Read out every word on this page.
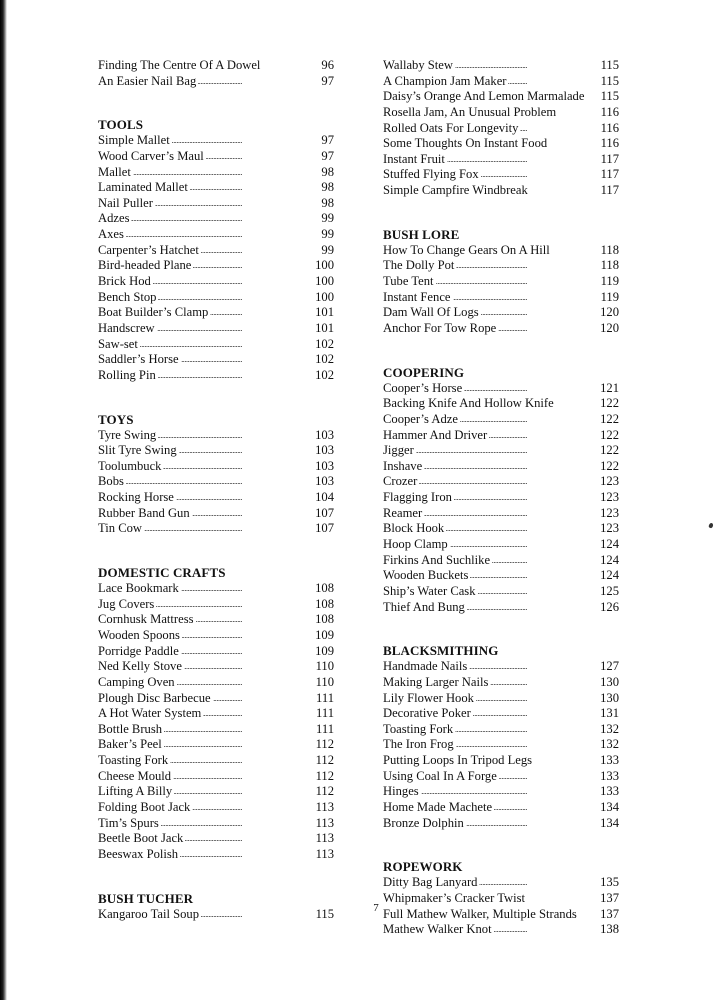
. . . Finding The Centre Of A Dowel	96
. . . An Easier Nail Bag	97
TOOLS
. . . Simple Mallet	97
. . . Wood Carver’s Maul	97
. . . Mallet	98
. . . Laminated Mallet	98
. . . Nail Puller	98
. . . Adzes	99
. . . Axes	99
. . . Carpenter’s Hatchet	99
. . . Bird-headed Plane	100
. . . Brick Hod	100
. . . Bench Stop	100
. . . Boat Builder’s Clamp	101
. . . Handscrew	101
. . . Saw-set	102
. . . Saddler’s Horse	102
. . . Rolling Pin	102
TOYS
. . . Tyre Swing	103
. . . Slit Tyre Swing	103
. . . Toolumbuck	103
. . . Bobs	103
. . . Rocking Horse	104
. . . Rubber Band Gun	107
. . . Tin Cow	107
DOMESTIC CRAFTS
. . . Lace Bookmark	108
. . . Jug Covers	108
. . . Cornhusk Mattress	108
. . . Wooden Spoons	109
. . . Porridge Paddle	109
. . . Ned Kelly Stove	110
. . . Camping Oven	110
. . . Plough Disc Barbecue	111
. . . A Hot Water System	111
. . . Bottle Brush	111
. . . Baker’s Peel	112
. . . Toasting Fork	112
. . . Cheese Mould	112
. . . Lifting A Billy	112
. . . Folding Boot Jack	113
. . . Tim’s Spurs	113
. . . Beetle Boot Jack	113
. . . Beeswax Polish	113
BUSH TUCHER
. . . Kangaroo Tail Soup	115
. . . Wallaby Stew	115
. . . A Champion Jam Maker	115
. . . Daisy’s Orange And Lemon Marmalade 115
. . . Rosella Jam, An Unusual Problem	116
. . . Rolled Oats For Longevity	116
. . . Some Thoughts On Instant Food	116
. . . Instant Fruit	117
. . . Stuffed Flying Fox	117
. . . Simple Campfire Windbreak	117
BUSH LORE
. . . How To Change Gears On A Hill	118
. . . The Dolly Pot	118
. . . Tube Tent	119
. . . Instant Fence	119
. . . Dam Wall Of Logs	120
. . . Anchor For Tow Rope	120
COOPERING
. . . Cooper’s Horse	121
. . . Backing Knife And Hollow Knife	122
. . . Cooper’s Adze	122
. . . Hammer And Driver	122
. . . Jigger	122
. . . Inshave	122
. . . Crozer	123
. . . Flagging Iron	123
. . . Reamer	123
. . . Block Hook	123
. . . Hoop Clamp	124
. . . Firkins And Suchlike	124
. . . Wooden Buckets	124
. . . Ship’s Water Cask	125
. . . Thief And Bung	126
BLACKSMITHING
. . . Handmade Nails	127
. . . Making Larger Nails	130
. . . Lily Flower Hook	130
. . . Decorative Poker	131
. . . Toasting Fork	132
. . . The Iron Frog	132
. . . Putting Loops In Tripod Legs	133
. . . Using Coal In A Forge	133
. . . Hinges	133
. . . Home Made Machete	134
. . . Bronze Dolphin	134
ROPEWORK
. . . Ditty Bag Lanyard	135
. . . Whipmaker’s Cracker Twist	137
. . . Full Mathew Walker, Multiple Strands 137
. . . Mathew Walker Knot	138
7
